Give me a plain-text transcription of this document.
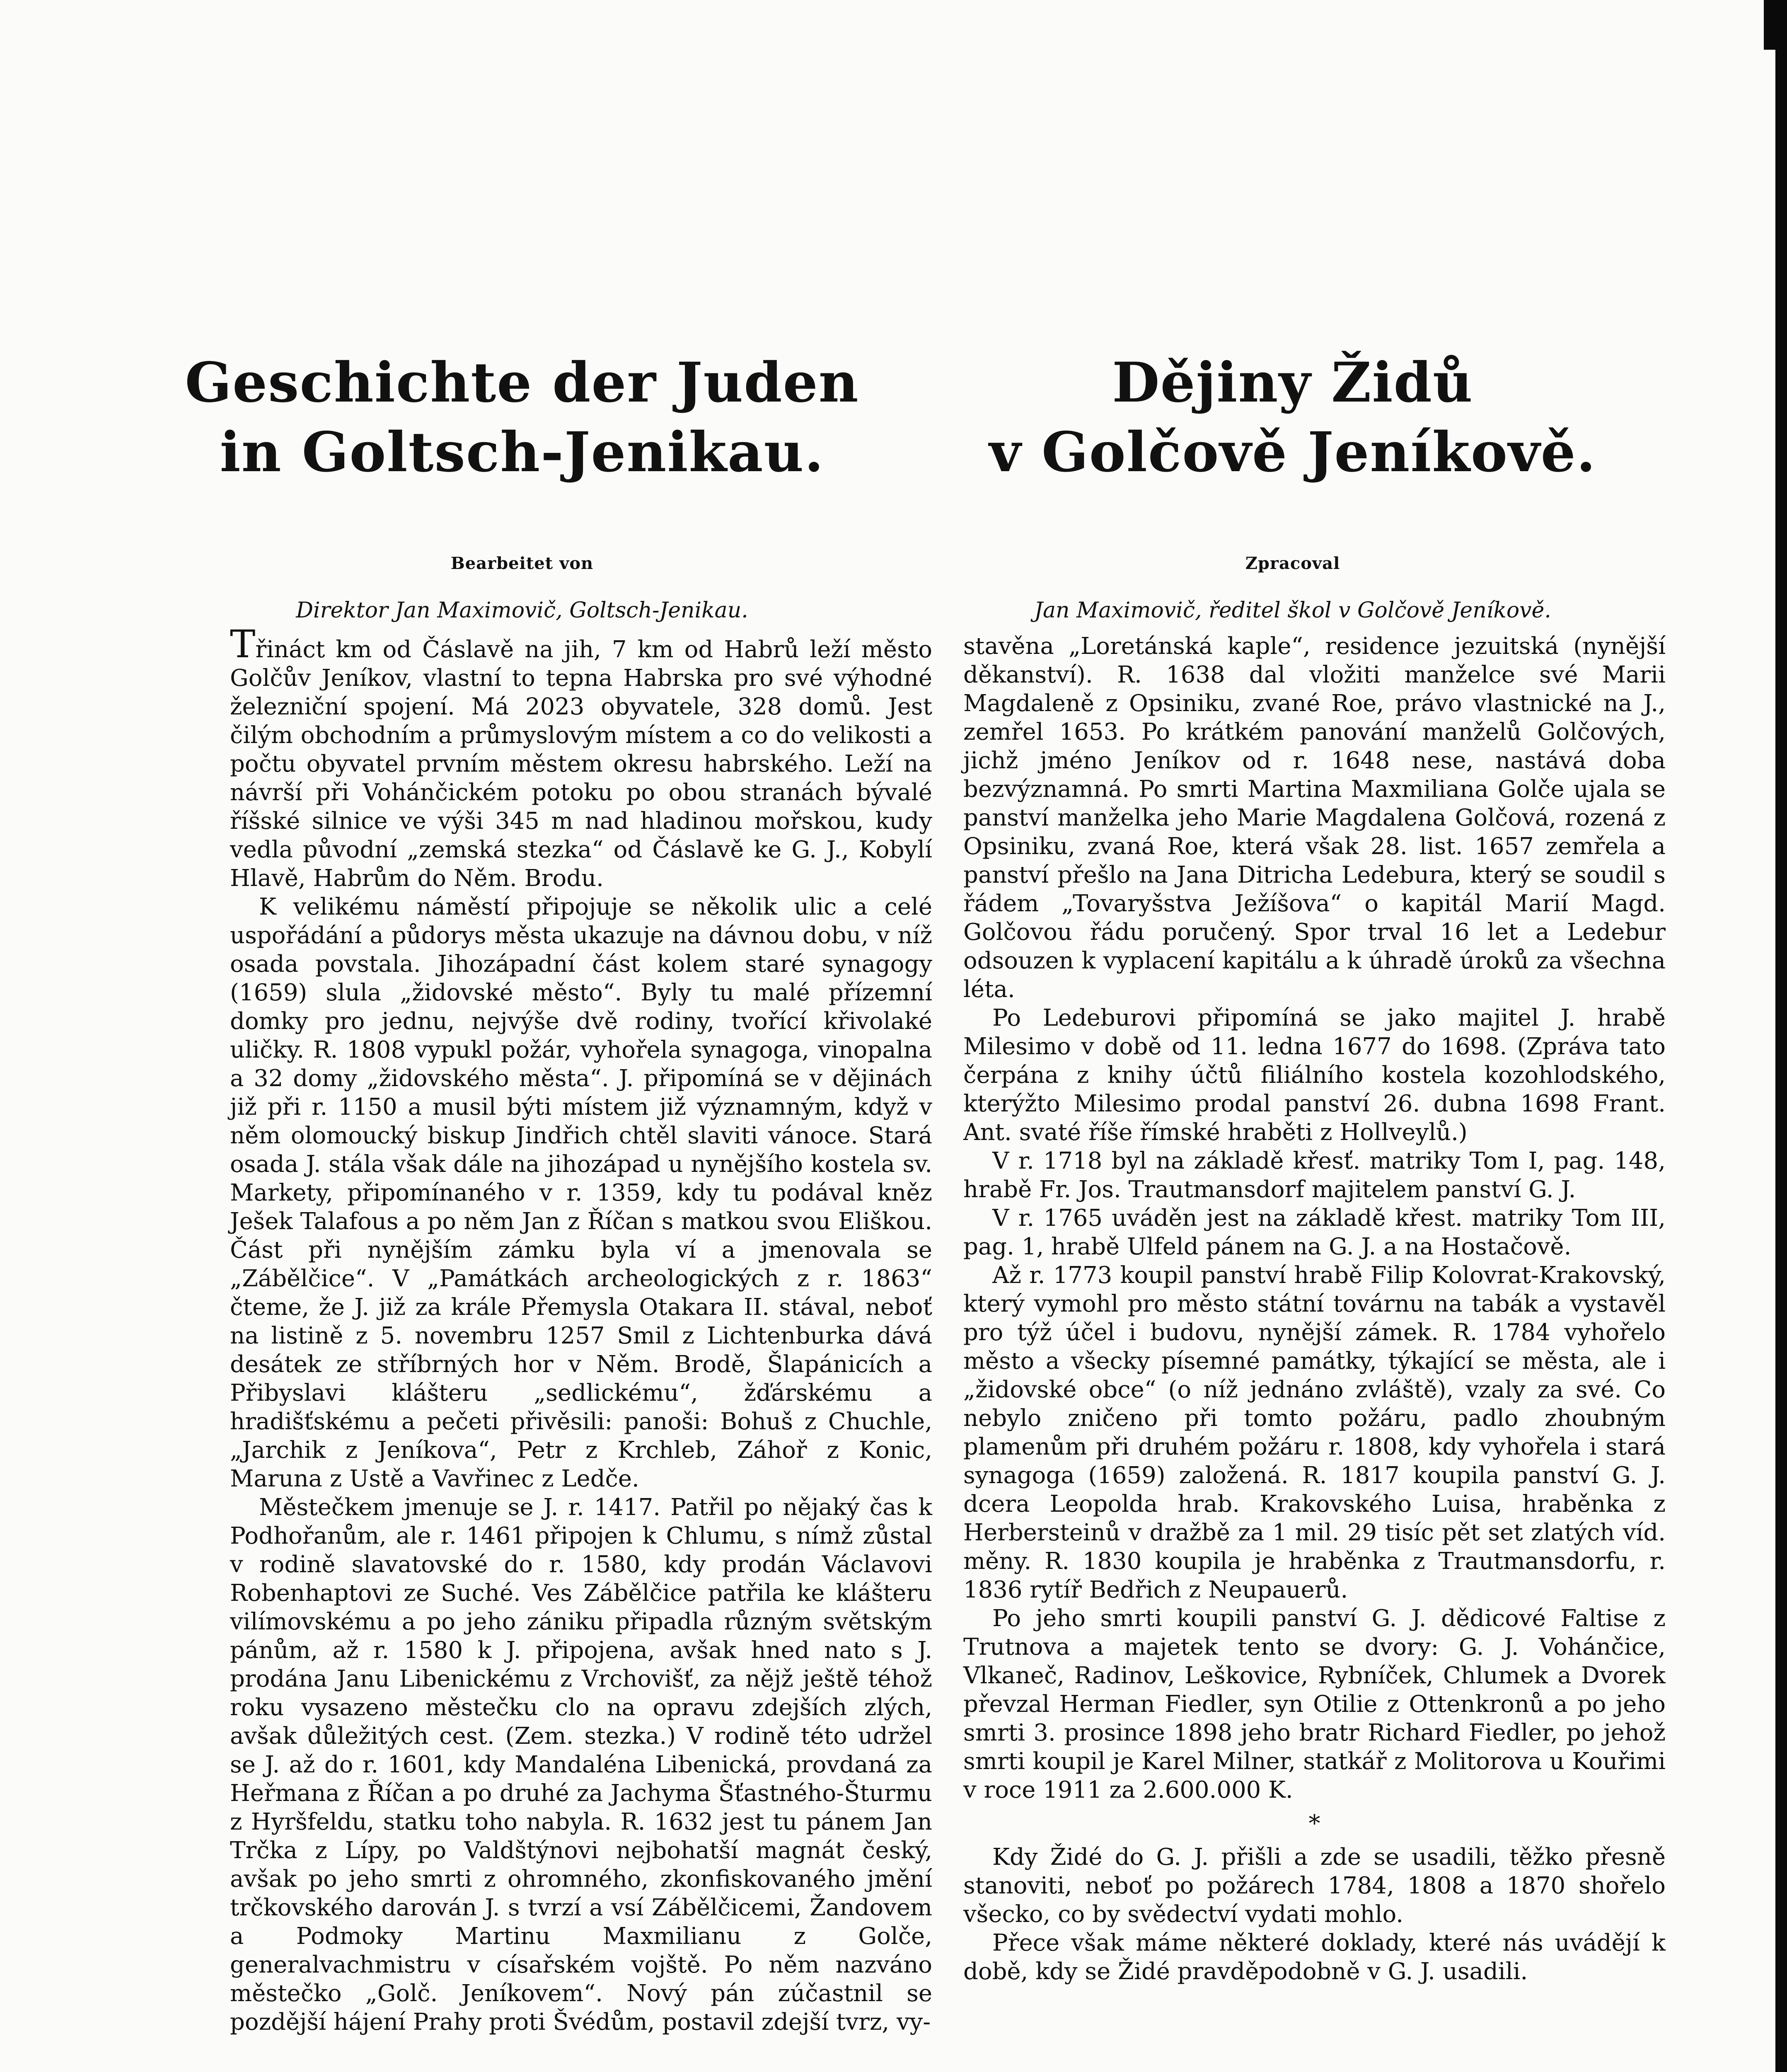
Geschichte der Juden
in Goltsch-Jenikau.
Bearbeitet von
Direktor Jan Maximovič, Goltsch-Jenikau.
Dějiny Židů
v Golčově Jeníkově.
Zpracoval
Jan Maximovič, ředitel škol v Golčově Jeníkově.

Třináct km od Čáslavě na jih, 7 km od Habrů leží město Golčův Jeníkov, vlastní to tepna Habrska pro své výhodné železniční spojení. Má 2023 obyvatele, 328 domů. Jest čilým obchodním a průmyslovým místem a co do velikosti a počtu obyvatel prvním městem okresu habrského. Leží na návrší při Vohánčickém potoku po obou stranách bývalé říšské silnice ve výši 345 m nad hladinou mořskou, kudy vedla původní „zemská stezka“ od Čáslavě ke G. J., Kobylí Hlavě, Habrům do Něm. Brodu.

K velikému náměstí připojuje se několik ulic a celé uspořádání a půdorys města ukazuje na dávnou dobu, v níž osada povstala. Jihozápadní část kolem staré synagogy (1659) slula „židovské město“. Byly tu malé přízemní domky pro jednu, nejvýše dvě rodiny, tvořící křivolaké uličky. R. 1808 vypukl požár, vyhořela synagoga, vinopalna a 32 domy „židovského města“. J. připomíná se v dějinách již při r. 1150 a musil býti místem již významným, když v něm olomoucký biskup Jindřich chtěl slaviti vánoce. Stará osada J. stála však dále na jihozápad u nynějšího kostela sv. Markety, připomínaného v r. 1359, kdy tu podával kněz Ješek Talafous a po něm Jan z Říčan s matkou svou Eliškou. Část při nynějším zámku byla ví a jmenovala se „Zábělčice“. V „Památkách archeologických z r. 1863“ čteme, že J. již za krále Přemysla Otakara II. stával, neboť na listině z 5. novembru 1257 Smil z Lichtenburka dává desátek ze stříbrných hor v Něm. Brodě, Šlapánicích a Přibyslavi klášteru „sedlickému“, žďárskému a hradišťskému a pečeti přivěsili: panoši: Bohuš z Chuchle, „Jarchik z Jeníkova“, Petr z Krchleb, Záhoř z Konic, Maruna z Ustě a Vavřinec z Ledče.

Městečkem jmenuje se J. r. 1417. Patřil po nějaký čas k Podhořanům, ale r. 1461 připojen k Chlumu, s nímž zůstal v rodině slavatovské do r. 1580, kdy prodán Václavovi Robenhaptovi ze Suché. Ves Zábělčice patřila ke klášteru vilímovskému a po jeho zániku připadla různým světským pánům, až r. 1580 k J. připojena, avšak hned nato s J. prodána Janu Libenickému z Vrchovišť, za nějž ještě téhož roku vysazeno městečku clo na opravu zdejších zlých, avšak důležitých cest. (Zem. stezka.) V rodině této udržel se J. až do r. 1601, kdy Mandaléna Libenická, provdaná za Heřmana z Říčan a po druhé za Jachyma Šťastného-Šturmu z Hyršfeldu, statku toho nabyla. R. 1632 jest tu pánem Jan Trčka z Lípy, po Valdštýnovi nejbohatší magnát český, avšak po jeho smrti z ohromného, zkonfiskovaného jmění trčkovského darován J. s tvrzí a vsí Zábělčicemi, Žandovem a Podmoky Martinu Maxmilianu z Golče, generalvachmistru v císařském vojště. Po něm nazváno městečko „Golč. Jeníkovem“. Nový pán zúčastnil se pozdější hájení Prahy proti Švédům, postavil zdejší tvrz, vy-

stavěna „Loretánská kaple“, residence jezuitská (nynější děkanství). R. 1638 dal vložiti manželce své Marii Magdaleně z Opsiniku, zvané Roe, právo vlastnické na J., zemřel 1653. Po krátkém panování manželů Golčových, jichž jméno Jeníkov od r. 1648 nese, nastává doba bezvýznamná. Po smrti Martina Maxmiliana Golče ujala se panství manželka jeho Marie Magdalena Golčová, rozená z Opsiniku, zvaná Roe, která však 28. list. 1657 zemřela a panství přešlo na Jana Ditricha Ledebura, který se soudil s řádem „Tovaryšstva Ježíšova“ o kapitál Marií Magd. Golčovou řádu poručený. Spor trval 16 let a Ledebur odsouzen k vyplacení kapitálu a k úhradě úroků za všechna léta.

Po Ledeburovi připomíná se jako majitel J. hrabě Milesimo v době od 11. ledna 1677 do 1698. (Zpráva tato čerpána z knihy účtů filiálního kostela kozohlodského, kterýžto Milesimo prodal panství 26. dubna 1698 Frant. Ant. svaté říše římské hraběti z Hollveylů.)

V r. 1718 byl na základě křesť. matriky Tom I, pag. 148, hrabě Fr. Jos. Trautmansdorf majitelem panství G. J.

V r. 1765 uváděn jest na základě křest. matriky Tom III, pag. 1, hrabě Ulfeld pánem na G. J. a na Hostačově.

Až r. 1773 koupil panství hrabě Filip Kolovrat-Krakovský, který vymohl pro město státní továrnu na tabák a vystavěl pro týž účel i budovu, nynější zámek. R. 1784 vyhořelo město a všecky písemné památky, týkající se města, ale i „židovské obce“ (o níž jednáno zvláště), vzaly za své. Co nebylo zničeno při tomto požáru, padlo zhoubným plamenům při druhém požáru r. 1808, kdy vyhořela i stará synagoga (1659) založená. R. 1817 koupila panství G. J. dcera Leopolda hrab. Krakovského Luisa, hraběnka z Herbersteinů v dražbě za 1 mil. 29 tisíc pět set zlatých víd. měny. R. 1830 koupila je hraběnka z Trautmansdorfu, r. 1836 rytíř Bedřich z Neupauerů.

Po jeho smrti koupili panství G. J. dědicové Faltise z Trutnova a majetek tento se dvory: G. J. Vohánčice, Vlkaneč, Radinov, Leškovice, Rybníček, Chlumek a Dvorek převzal Herman Fiedler, syn Otilie z Ottenkronů a po jeho smrti 3. prosince 1898 jeho bratr Richard Fiedler, po jehož smrti koupil je Karel Milner, statkář z Molitorova u Kouřimi v roce 1911 za 2.600.000 K.

*

Kdy Židé do G. J. přišli a zde se usadili, těžko přesně stanoviti, neboť po požárech 1784, 1808 a 1870 shořelo všecko, co by svědectví vydati mohlo.

Přece však máme některé doklady, které nás uvádějí k době, kdy se Židé pravděpodobně v G. J. usadili.
